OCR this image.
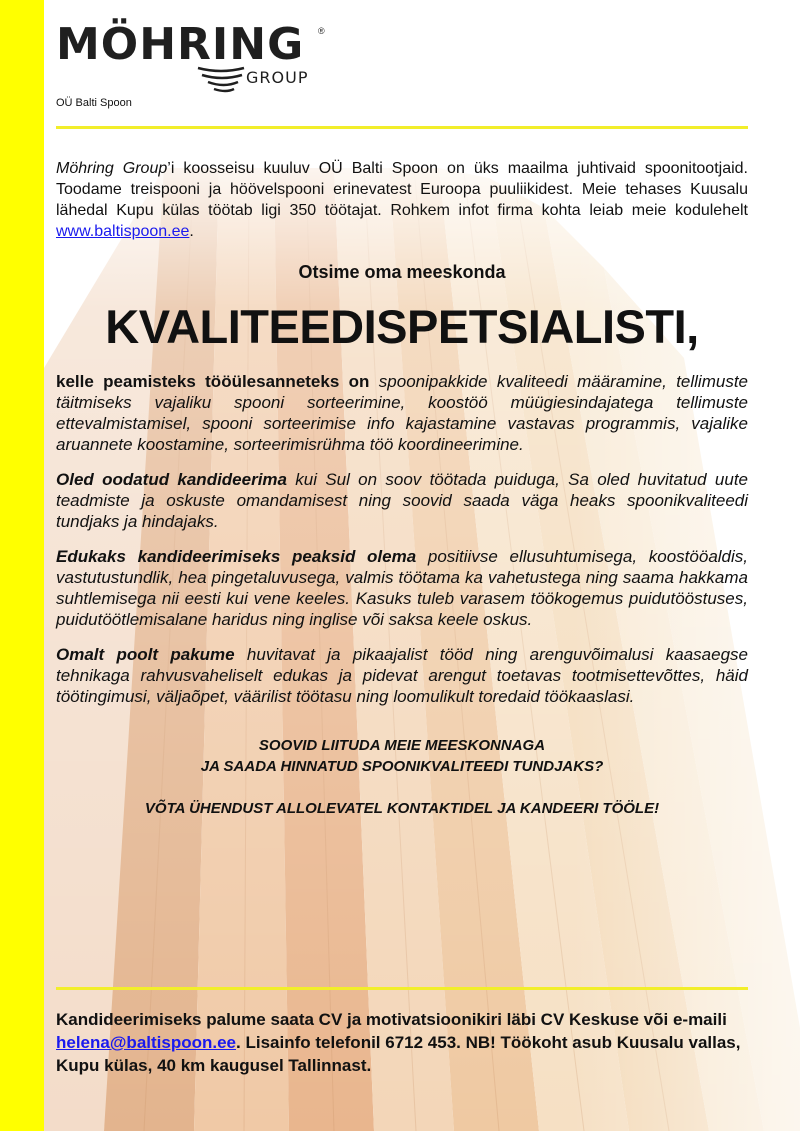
MÖHRING ®
GROUP
OÜ Balti Spoon

Möhring Group’i koosseisu kuuluv OÜ Balti Spoon on üks maailma juhtivaid spoonitootjaid. Toodame treispooni ja höövelspooni erinevatest Euroopa puuliikidest. Meie tehases Kuusalu lähedal Kupu külas töötab ligi 350 töötajat. Rohkem infot firma kohta leiab meie kodulehelt www.baltispoon.ee.

Otsime oma meeskonda

KVALITEEDISPETSIALISTI,

kelle peamisteks tööülesanneteks on spoonipakkide kvaliteedi määramine, tellimuste täitmiseks vajaliku spooni sorteerimine, koostöö müügiesindajatega tellimuste ettevalmistamisel, spooni sorteerimise info kajastamine vastavas programmis, vajalike aruannete koostamine, sorteerimisrühma töö koordineerimine.

Oled oodatud kandideerima kui Sul on soov töötada puiduga, Sa oled huvitatud uute teadmiste ja oskuste omandamisest ning soovid saada väga heaks spoonikvaliteedi tundjaks ja hindajaks.

Edukaks kandideerimiseks peaksid olema positiivse ellusuhtumisega, koostööaldis, vastutustundlik, hea pingetaluvusega, valmis töötama ka vahetustega ning saama hakkama suhtlemisega nii eesti kui vene keeles. Kasuks tuleb varasem töökogemus puidutööstuses, puidutöötlemisalane haridus ning inglise või saksa keele oskus.

Omalt poolt pakume huvitavat ja pikaajalist tööd ning arenguvõimalusi kaasaegse tehnikaga rahvusvaheliselt edukas ja pidevat arengut toetavas tootmisettevõttes, häid töötingimusi, väljaõpet, väärilist töötasu ning loomulikult toredaid töökaaslasi.

SOOVID LIITUDA MEIE MEESKONNAGA
JA SAADA HINNATUD SPOONIKVALITEEDI TUNDJAKS?

VÕTA ÜHENDUST ALLOLEVATEL KONTAKTIDEL JA KANDEERI TÖÖLE!

Kandideerimiseks palume saata CV ja motivatsioonikiri läbi CV Keskuse või e-maili helena@baltispoon.ee. Lisainfo telefonil 6712 453. NB! Töökoht asub Kuusalu vallas, Kupu külas, 40 km kaugusel Tallinnast.
